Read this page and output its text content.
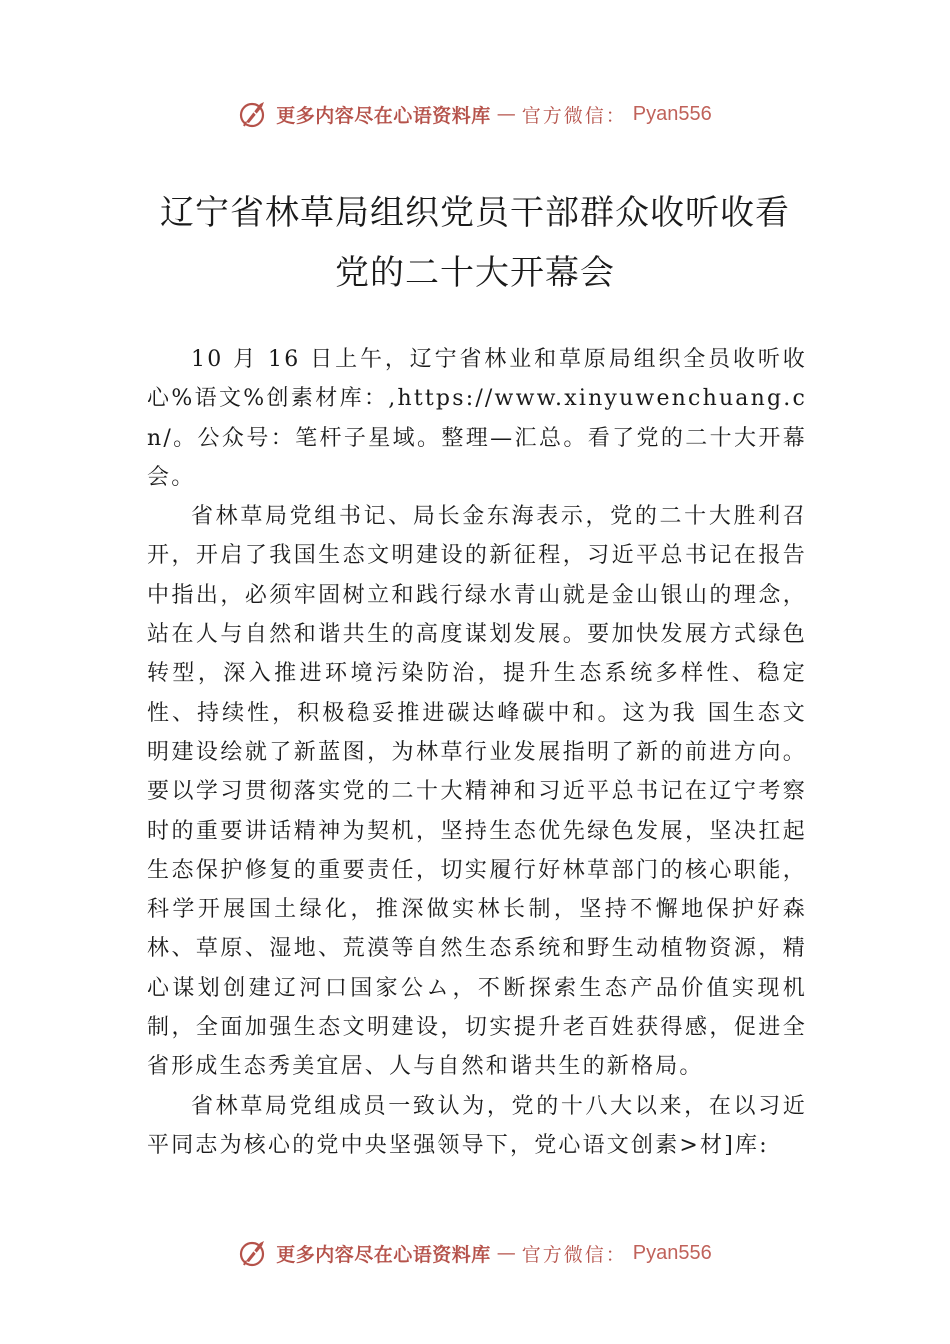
更多内容尽在心语资料库 — 官方微信： Pyan556
辽宁省林草局组织党员干部群众收听收看
党的二十大开幕会

10 月 16 日上午，辽宁省林业和草原局组织全员收听收心%语文%创素材库：,https://www.xinyuwenchuang.cn/。公众号：笔杆子星域。整理—汇总。看了党的二十大开幕会。

省林草局党组书记、局长金东海表示，党的二十大胜利召开，开启了我国生态文明建设的新征程，习近平总书记在报告中指出，必须牢固树立和践行绿水青山就是金山银山的理念，站在人与自然和谐共生的高度谋划发展。要加快发展方式绿色转型，深入推进环境污染防治，提升生态系统多样性、稳定性、持续性，积极稳妥推进碳达峰碳中和。这为我 国生态文明建设绘就了新蓝图，为林草行业发展指明了新的前进方向。要以学习贯彻落实党的二十大精神和习近平总书记在辽宁考察时的重要讲话精神为契机，坚持生态优先绿色发展，坚决扛起生态保护修复的重要责任，切实履行好林草部门的核心职能，科学开展国土绿化，推深做实林长制，坚持不懈地保护好森林、草原、湿地、荒漠等自然生态系统和野生动植物资源，精心谋划创建辽河口国家公ム，不断探索生态产品价值实现机制，全面加强生态文明建设，切实提升老百姓获得感，促进全省形成生态秀美宜居、人与自然和谐共生的新格局。

省林草局党组成员一致认为，党的十八大以来，在以习近平同志为核心的党中央坚强领导下，党心语文创素>材]库:

更多内容尽在心语资料库 — 官方微信： Pyan556
